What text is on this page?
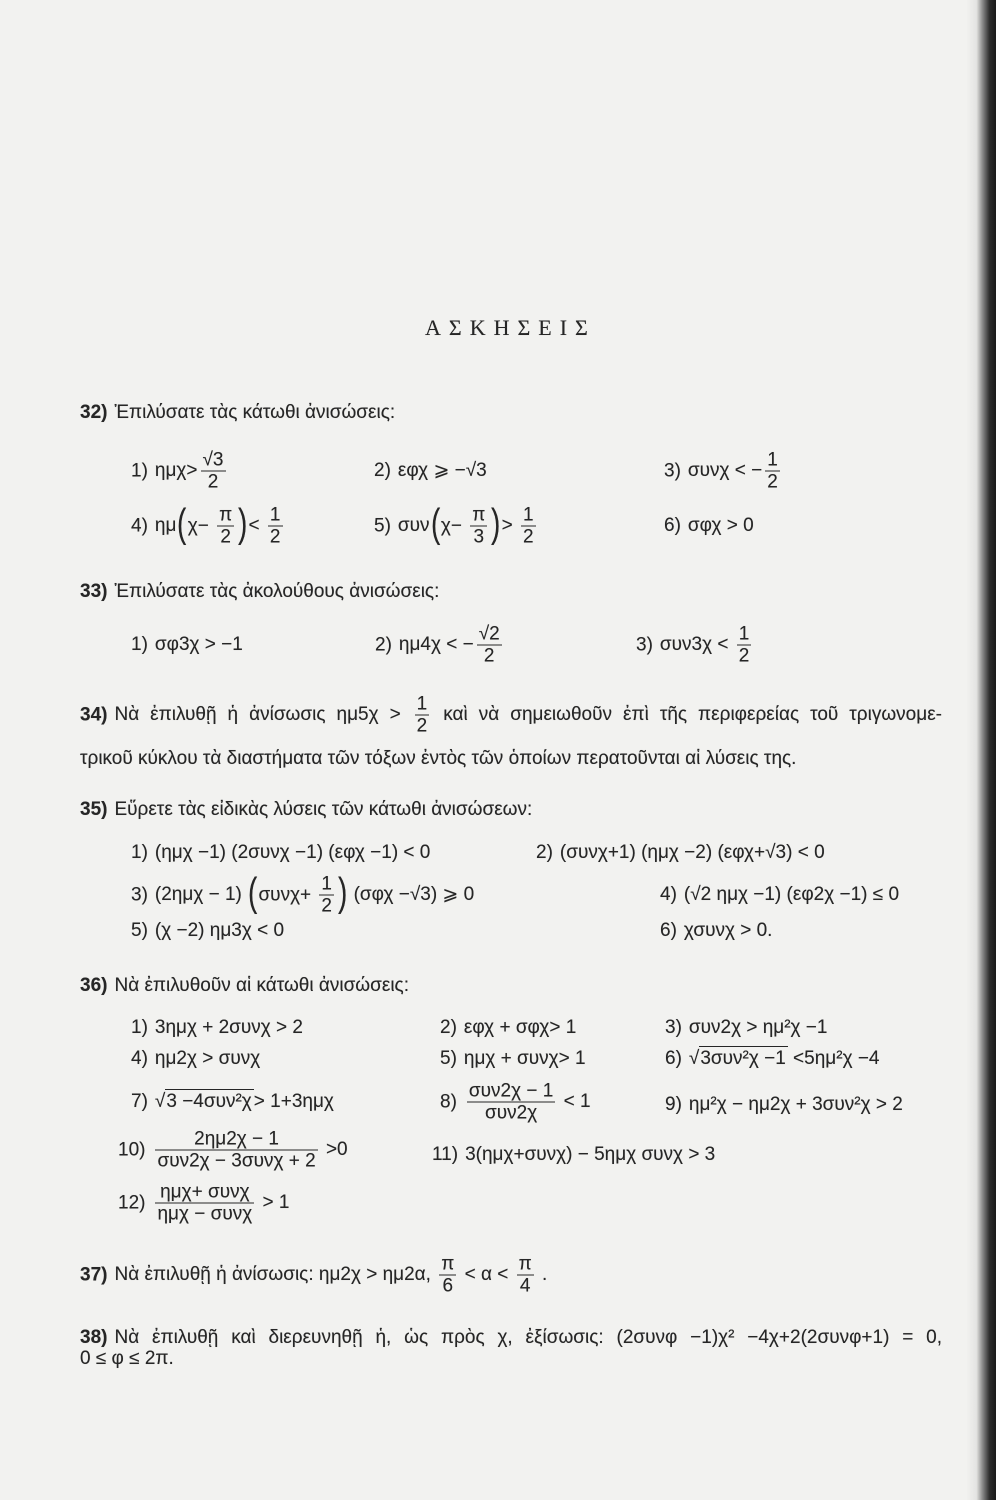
ΑΣΚΗΣΕΙΣ
32) Ἐπιλύσατε τὰς κάτωθι ἀνισώσεις:
1) $\eta\mu\chi> \frac{√3}{2}$	2) εφχ ⩾ −√3	3) συνχ < − $\frac{1}{2}$
4) $\eta\mu(\chi- \frac{\pi}{2}$ )< $\frac{1}{2}$	5) $\sigma\upsilon\nu(\chi- \frac{\pi}{3}$ )> $\frac{1}{2}$	6) σφχ > 0
33) Ἐπιλύσατε τὰς ἀκολούθους ἀνισώσεις:
1) σφ3χ > −1	2) ημ4χ < − $\frac{√2}{2}$	3) $\sigma\upsilon\nu 3\chi < \frac{1}{2}$
34) Νὰ ἐπιλυθῇ ἡ ἀνίσωσις $\eta\mu 5\chi > \frac{1}{2}$ καὶ νὰ σημειωθοῦν ἐπὶ τῆς περιφερείας τοῦ τριγωνομε-
τρικοῦ κύκλου τὰ διαστήματα τῶν τόξων ἐντὸς τῶν ὁποίων περατοῦνται αἱ λύσεις της.
35) Εὕρετε τὰς εἰδικὰς λύσεις τῶν κάτωθι ἀνισώσεων:
1) (ημχ −1) (2συνχ −1) (εφχ −1) < 0	2) (συνχ+1) (ημχ −2) (εφχ+√3) < 0
3) (2ημχ − 1) ($\sigma\upsilon\nu\chi+ \frac{1}{2}$ ) (σφχ −√3) ⩾ 0	4) (√2 ημχ −1) (εφ2χ −1) ≤ 0
5) (χ −2) ημ3χ < 0	6) χσυνχ > 0.
36) Νὰ ἐπιλυθοῦν αἱ κάτωθι ἀνισώσεις:
1) 3ημχ + 2συνχ > 2	2) εφχ + σφχ> 1	3) συν2χ > ημ²χ −1
4) ημ2χ > συνχ	5) ημχ + συνχ> 1	6) √3συν²χ −1 <5ημ²χ −4
7) √3 −4συν²χ > 1+3ημχ	$8) \frac{\text{συν2χ − 1}}{\text{συν2χ}} < 1$	9) ημ²χ − ημ2χ + 3συν²χ > 2
$10) \frac{2\eta\mu 2\chi - 1}{\text{συν2χ − 3συνχ + 2}} >0$	11) 3(ημχ+συνχ) − 5ημχ συνχ > 3
$12) \frac{\text{ημχ+ συνχ}}{\text{ημχ − συνχ}} > 1$
37) Νὰ ἐπιλυθῇ ἡ ἀνίσωσις: ημ2χ > ημ2α, $\frac{\pi}{6} < \alpha < \frac{\pi}{4}$ .
38) Νὰ ἐπιλυθῇ καὶ διερευνηθῇ ἡ, ὡς πρὸς χ, ἐξίσωσις: (2συνφ −1)χ² −4χ+2(2συνφ+1) = 0,
0 ≤ φ ≤ 2π.
